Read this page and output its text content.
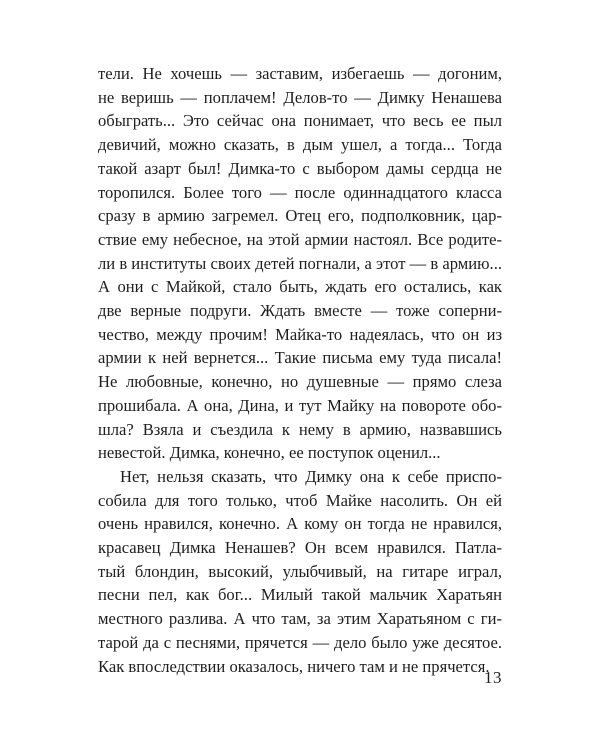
тели. Не хочешь — заставим, избегаешь — догоним,
не веришь — поплачем! Делов-то — Димку Ненашева
обыграть... Это сейчас она понимает, что весь ее пыл
девичий, можно сказать, в дым ушел, а тогда... Тогда
такой азарт был! Димка-то с выбором дамы сердца не
торопился. Более того — после одиннадцатого класса
сразу в армию загремел. Отец его, подполковник, цар-
ствие ему небесное, на этой армии настоял. Все родите-
ли в институты своих детей погнали, а этот — в армию...
А они с Майкой, стало быть, ждать его остались, как
две верные подруги. Ждать вместе — тоже соперни-
чество, между прочим! Майка-то надеялась, что он из
армии к ней вернется... Такие письма ему туда писала!
Не любовные, конечно, но душевные — прямо слеза
прошибала. А она, Дина, и тут Майку на повороте обо-
шла? Взяла и съездила к нему в армию, назвавшись
невестой. Димка, конечно, ее поступок оценил...
Нет, нельзя сказать, что Димку она к себе приспо-
собила для того только, чтоб Майке насолить. Он ей
очень нравился, конечно. А кому он тогда не нравился,
красавец Димка Ненашев? Он всем нравился. Патла-
тый блондин, высокий, улыбчивый, на гитаре играл,
песни пел, как бог... Милый такой мальчик Харатьян
местного разлива. А что там, за этим Харатьяном с ги-
тарой да с песнями, прячется — дело было уже десятое.
Как впоследствии оказалось, ничего там и не прячется.
13
